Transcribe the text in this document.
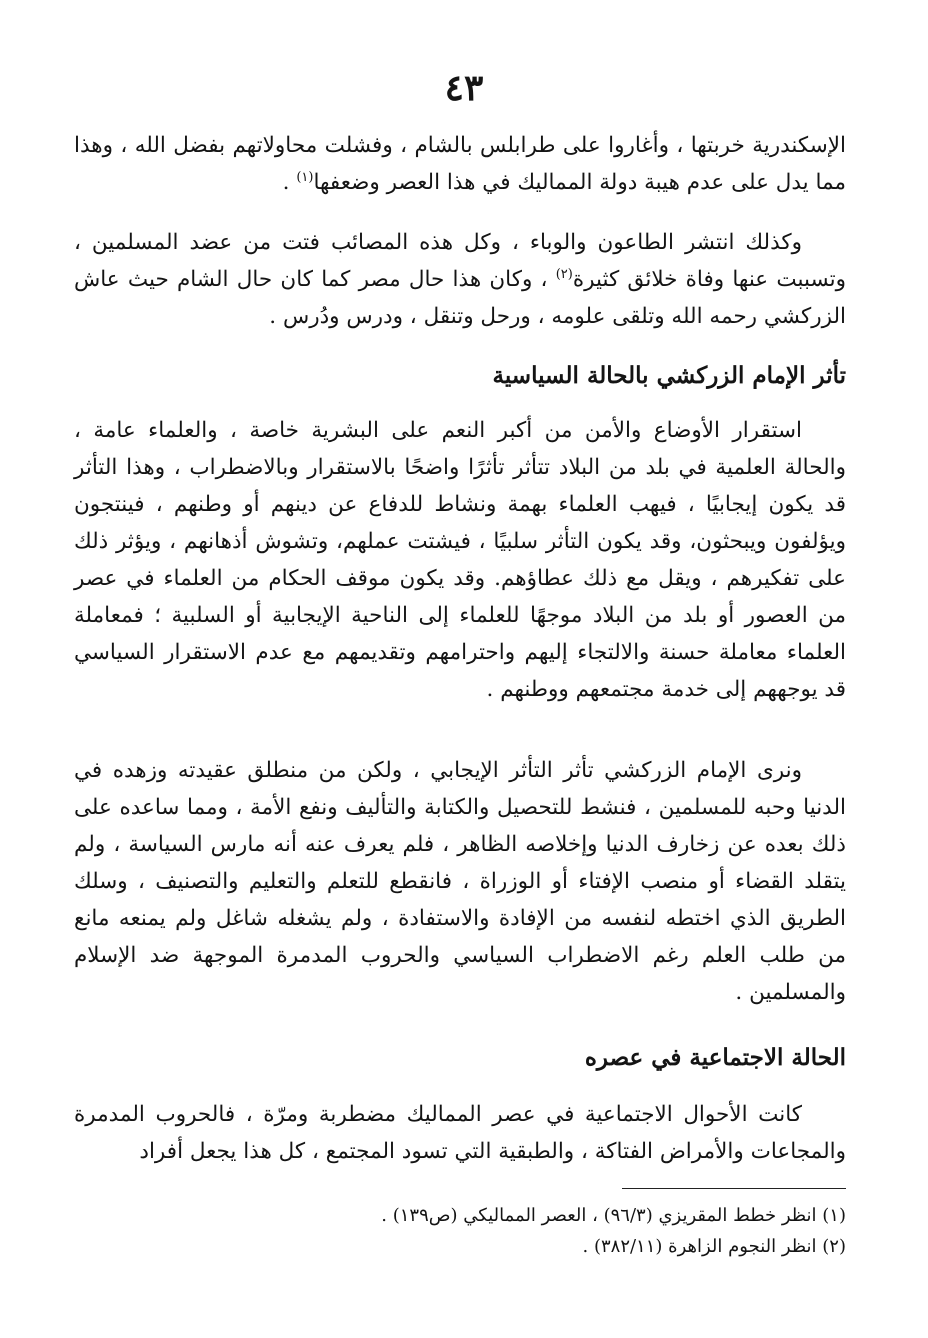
٤٣

الإسكندرية خربتها ، وأغاروا على طرابلس بالشام ، وفشلت محاولاتهم بفضل الله ، وهذا مما يدل على عدم هيبة دولة المماليك في هذا العصر وضعفها$^{(١)}$ .

وكذلك انتشر الطاعون والوباء ، وكل هذه المصائب فتت من عضد المسلمين ، وتسببت عنها وفاة خلائق كثيرة$^{(٢)}$ ، وكان هذا حال مصر كما كان حال الشام حيث عاش الزركشي رحمه الله وتلقى علومه ، ورحل وتنقل ، ودرس ودُرس .

تأثر الإمام الزركشي بالحالة السياسية

استقرار الأوضاع والأمن من أكبر النعم على البشرية خاصة ، والعلماء عامة ، والحالة العلمية في بلد من البلاد تتأثر تأثرًا واضحًا بالاستقرار وبالاضطراب ، وهذا التأثر قد يكون إيجابيًا ، فيهب العلماء بهمة ونشاط للدفاع عن دينهم أو وطنهم ، فينتجون ويؤلفون ويبحثون، وقد يكون التأثر سلبيًا ، فيشتت عملهم، وتشوش أذهانهم ، ويؤثر ذلك على تفكيرهم ، ويقل مع ذلك عطاؤهم. وقد يكون موقف الحكام من العلماء في عصر من العصور أو بلد من البلاد موجهًا للعلماء إلى الناحية الإيجابية أو السلبية ؛ فمعاملة العلماء معاملة حسنة والالتجاء إليهم واحترامهم وتقديمهم مع عدم الاستقرار السياسي قد يوجههم إلى خدمة مجتمعهم ووطنهم .

ونرى الإمام الزركشي تأثر التأثر الإيجابي ، ولكن من منطلق عقيدته وزهده في الدنيا وحبه للمسلمين ، فنشط للتحصيل والكتابة والتأليف ونفع الأمة ، ومما ساعده على ذلك بعده عن زخارف الدنيا وإخلاصه الظاهر ، فلم يعرف عنه أنه مارس السياسة ، ولم يتقلد القضاء أو منصب الإفتاء أو الوزراة ، فانقطع للتعلم والتعليم والتصنيف ، وسلك الطريق الذي اختطه لنفسه من الإفادة والاستفادة ، ولم يشغله شاغل ولم يمنعه مانع من طلب العلم رغم الاضطراب السياسي والحروب المدمرة الموجهة ضد الإسلام والمسلمين .

الحالة الاجتماعية في عصره

كانت الأحوال الاجتماعية في عصر المماليك مضطربة ومرّة ، فالحروب المدمرة والمجاعات والأمراض الفتاكة ، والطبقية التي تسود المجتمع ، كل هذا يجعل أفراد

(١) انظر خطط المقريزي (٩٦/٣) ، العصر المماليكي (ص١٣٩) .

(٢) انظر النجوم الزاهرة (٣٨٢/١١) .
